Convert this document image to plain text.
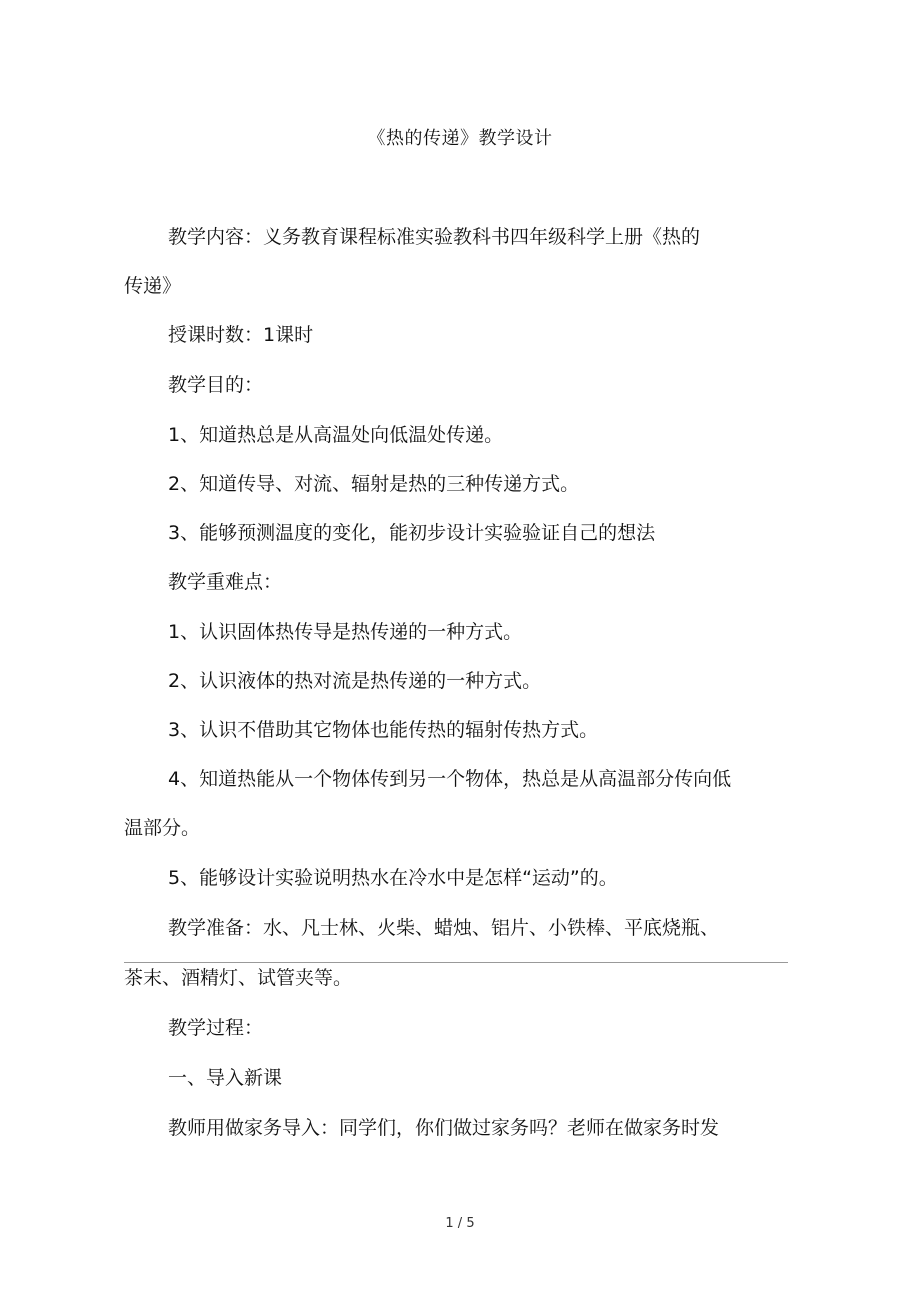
《热的传递》教学设计
教学内容：义务教育课程标准实验教科书四年级科学上册《热的
传递》
授课时数：1课时
教学目的：
1、知道热总是从高温处向低温处传递。
2、知道传导、对流、辐射是热的三种传递方式。
3、能够预测温度的变化，能初步设计实验验证自己的想法
教学重难点：
1、认识固体热传导是热传递的一种方式。
2、认识液体的热对流是热传递的一种方式。
3、认识不借助其它物体也能传热的辐射传热方式。
4、知道热能从一个物体传到另一个物体，热总是从高温部分传向低
温部分。
5、能够设计实验说明热水在冷水中是怎样“运动”的。
教学准备：水、凡士林、火柴、蜡烛、铝片、小铁棒、平底烧瓶、
茶末、酒精灯、试管夹等。
教学过程：
一、导入新课
教师用做家务导入：同学们，你们做过家务吗？老师在做家务时发
1 / 5
